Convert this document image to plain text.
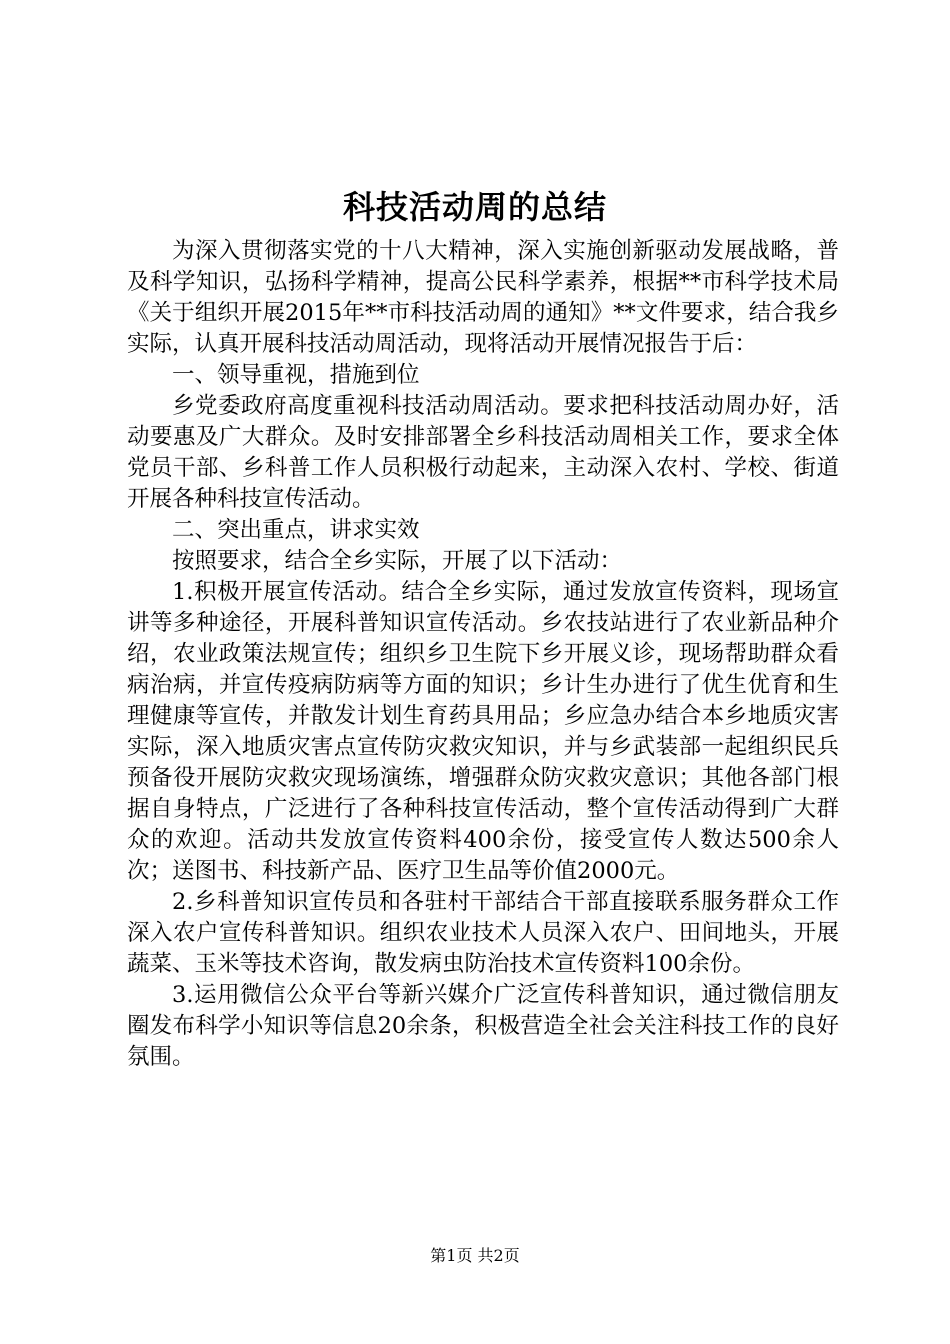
科技活动周的总结

为深入贯彻落实党的十八大精神，深入实施创新驱动发展战略，普及科学知识，弘扬科学精神，提高公民科学素养，根据**市科学技术局《关于组织开展2015年**市科技活动周的通知》**文件要求，结合我乡实际，认真开展科技活动周活动，现将活动开展情况报告于后：

一、领导重视，措施到位

乡党委政府高度重视科技活动周活动。要求把科技活动周办好，活动要惠及广大群众。及时安排部署全乡科技活动周相关工作，要求全体党员干部、乡科普工作人员积极行动起来，主动深入农村、学校、街道开展各种科技宣传活动。

二、突出重点，讲求实效

按照要求，结合全乡实际，开展了以下活动：

1.积极开展宣传活动。结合全乡实际，通过发放宣传资料，现场宣讲等多种途径，开展科普知识宣传活动。乡农技站进行了农业新品种介绍，农业政策法规宣传；组织乡卫生院下乡开展义诊，现场帮助群众看病治病，并宣传疫病防病等方面的知识；乡计生办进行了优生优育和生理健康等宣传，并散发计划生育药具用品；乡应急办结合本乡地质灾害实际，深入地质灾害点宣传防灾救灾知识，并与乡武装部一起组织民兵预备役开展防灾救灾现场演练，增强群众防灾救灾意识；其他各部门根据自身特点，广泛进行了各种科技宣传活动，整个宣传活动得到广大群众的欢迎。活动共发放宣传资料400余份，接受宣传人数达500余人次；送图书、科技新产品、医疗卫生品等价值2000元。

2.乡科普知识宣传员和各驻村干部结合干部直接联系服务群众工作深入农户宣传科普知识。组织农业技术人员深入农户、田间地头，开展蔬菜、玉米等技术咨询，散发病虫防治技术宣传资料100余份。

3.运用微信公众平台等新兴媒介广泛宣传科普知识，通过微信朋友圈发布科学小知识等信息20余条，积极营造全社会关注科技工作的良好氛围。

第1页 共2页
